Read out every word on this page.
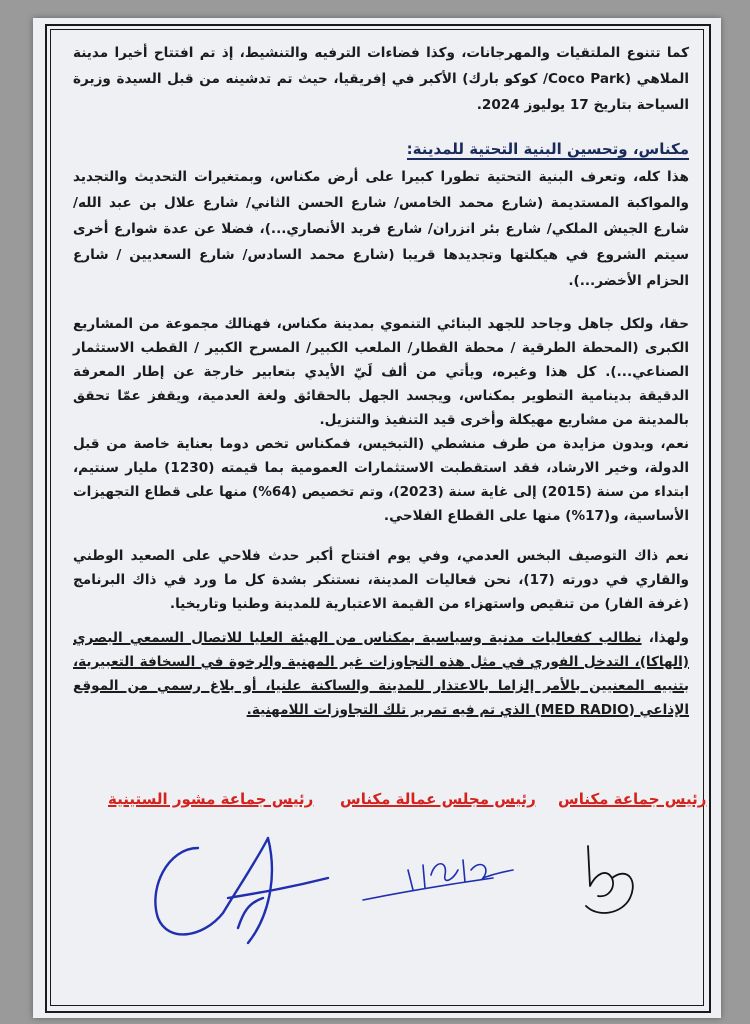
كما تتنوع الملتقيات والمهرجانات، وكذا فضاءات الترفيه والتنشيط، إذ تم افتتاح أخيرا مدينة الملاهي (Coco Park/ كوكو بارك) الأكبر في إفريقيا، حيث تم تدشينه من قبل السيدة وزيرة السياحة بتاريخ 17 يوليوز 2024.

مكناس، وتحسين البنية التحتية للمدينة:

هذا كله، وتعرف البنية التحتية تطورا كبيرا على أرض مكناس، وبمتغيرات التحديث والتجديد والمواكبة المستديمة (شارع محمد الخامس/ شارع الحسن الثاني/ شارع علال بن عبد الله/ شارع الجيش الملكي/ شارع بئر انزران/ شارع فريد الأنصاري...)، فضلا عن عدة شوارع أخرى سيتم الشروع في هيكلتها وتجديدها قريبا (شارع محمد السادس/ شارع السعديين / شارع الحزام الأخضر...).

حقا، ولكل جاهل وجاحد للجهد البنائي التنموي بمدينة مكناس، فهنالك مجموعة من المشاريع الكبرى (المحطة الطرقية / محطة القطار/ الملعب الكبير/ المسرح الكبير / القطب الاستثمار الصناعي...). كل هذا وغيره، ويأتي من ألف لَيّ الأيدي بتعابير خارجة عن إطار المعرفة الدقيقة بدينامية التطوير بمكناس، ويجسد الجهل بالحقائق ولغة العدمية، ويقفز عمّا تحقق بالمدينة من مشاريع مهيكلة وأخرى قيد التنفيذ والتنزيل.

نعم، وبدون مزايدة من طرف منشطي (التبخيس، فمكناس تخص دوما بعناية خاصة من قبل الدولة، وخير الارشاد، فقد استقطبت الاستثمارات العمومية بما قيمته (1230) مليار سنتيم، ابتداء من سنة (2015) إلى غاية سنة (2023)، وتم تخصيص (64%) منها على قطاع التجهيزات الأساسية، و(17%) منها على القطاع الفلاحي.

نعم ذاك التوصيف البخس العدمي، وفي يوم افتتاح أكبر حدث فلاحي على الصعيد الوطني والقاري في دورته (17)، نحن فعاليات المدينة، نستنكر بشدة كل ما ورد في ذاك البرنامج (غرفة الفار) من تنقيص واستهزاء من القيمة الاعتبارية للمدينة وطنيا وتاريخيا.

ولهذا، نطالب كفعاليات مدنية وسياسية بمكناس من الهيئة العليا للاتصال السمعي البصري (الهاكا)، التدخل الفوري في مثل هذه التجاوزات غير المهنية والرخوة في السخافة التعبيرية، بتنبيه المعنيين بالأمر إلزاما بالاعتذار للمدينة والساكنة علنيا، أو بلاغ رسمي من الموقع الإذاعي (MED RADIO) الذي تم فيه تمرير تلك التجاوزات اللامهنية.

رئيس جماعة مشور الستينية رئيس مجلس عمالة مكناس رئيس جماعة مكناس
